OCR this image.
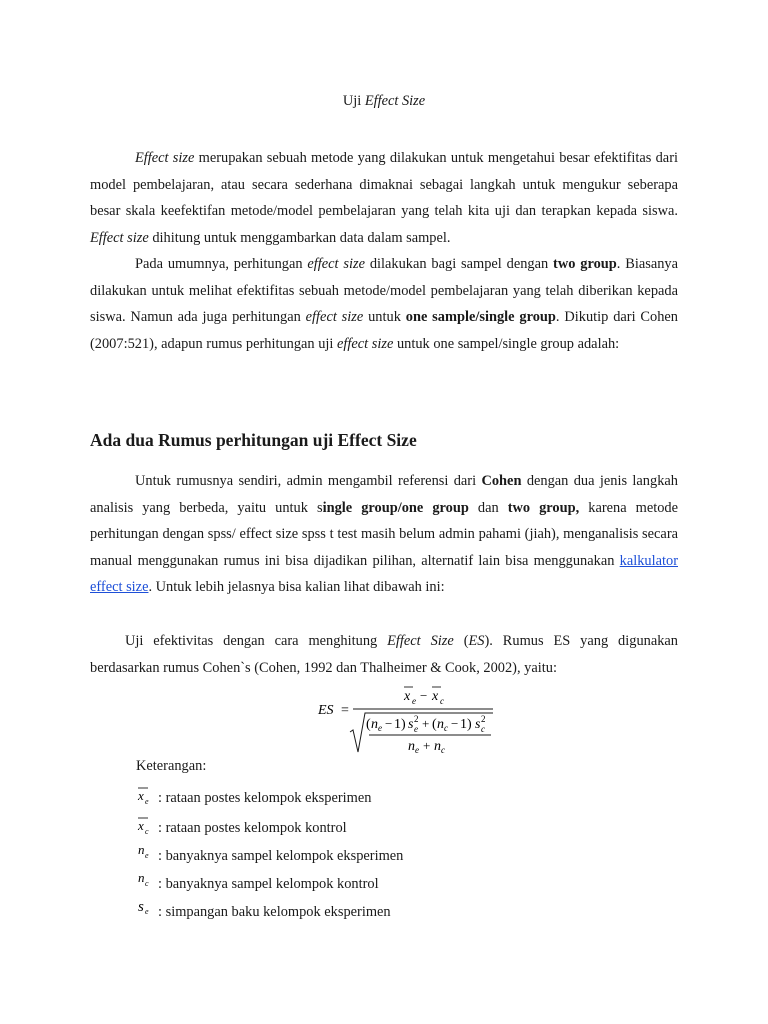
Uji Effect Size

Effect size merupakan sebuah metode yang dilakukan untuk mengetahui besar efektifitas dari model pembelajaran, atau secara sederhana dimaknai sebagai langkah untuk mengukur seberapa besar skala keefektifan metode/model pembelajaran yang telah kita uji dan terapkan kepada siswa. Effect size dihitung untuk menggambarkan data dalam sampel.

Pada umumnya, perhitungan effect size dilakukan bagi sampel dengan two group. Biasanya dilakukan untuk melihat efektifitas sebuah metode/model pembelajaran yang telah diberikan kepada siswa. Namun ada juga perhitungan effect size untuk one sample/single group. Dikutip dari Cohen (2007:521), adapun rumus perhitungan uji effect size untuk one sampel/single group adalah:

Ada dua Rumus perhitungan uji Effect Size

Untuk rumusnya sendiri, admin mengambil referensi dari Cohen dengan dua jenis langkah analisis yang berbeda, yaitu untuk single group/one group dan two group, karena metode perhitungan dengan spss/ effect size spss t test masih belum admin pahami (jiah), menganalisis secara manual menggunakan rumus ini bisa dijadikan pilihan, alternatif lain bisa menggunakan kalkulator effect size. Untuk lebih jelasnya bisa kalian lihat dibawah ini:

Uji efektivitas dengan cara menghitung Effect Size (ES). Rumus ES yang digunakan berdasarkan rumus Cohen`s (Cohen, 1992 dan Thalheimer & Cook, 2002), yaitu:

ES =
x e − x c
( n e − 1 ) s 2
e + ( n c − 1 ) s 2
c
n e + n c
Keterangan:
x e : rataan postes kelompok eksperimen
x c : rataan postes kelompok kontrol
n e : banyaknya sampel kelompok eksperimen
n c : banyaknya sampel kelompok kontrol
s e : simpangan baku kelompok eksperimen
